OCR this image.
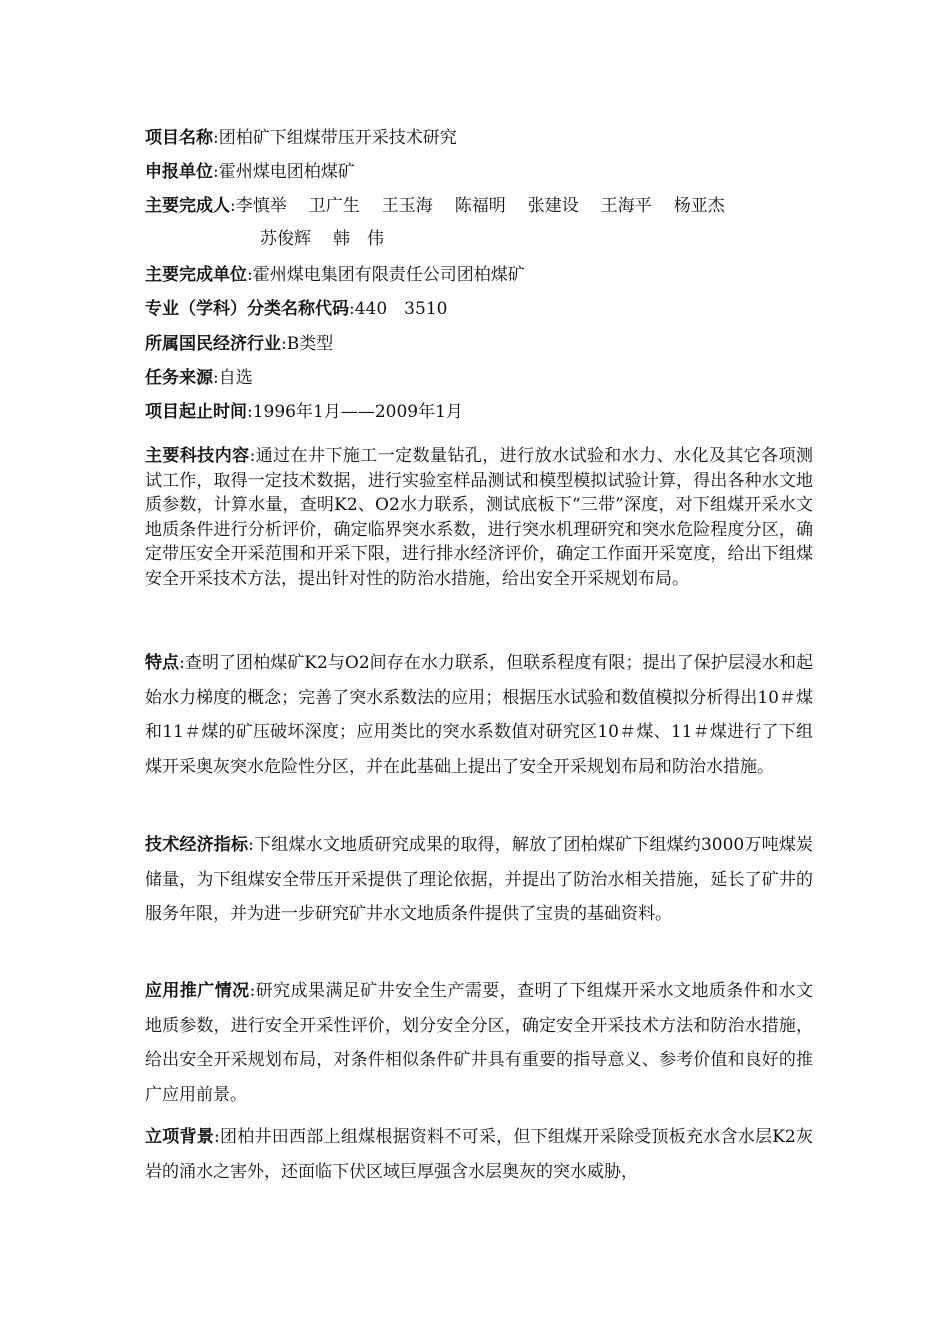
项目名称:团柏矿下组煤带压开采技术研究
申报单位:霍州煤电团柏煤矿
主要完成人:李慎举 卫广生 王玉海 陈福明 张建设 王海平 杨亚杰
苏俊辉 韩　伟
主要完成单位:霍州煤电集团有限责任公司团柏煤矿
专业（学科）分类名称代码:440　3510
所属国民经济行业:B类型
任务来源:自选
项目起止时间:1996年1月——2009年1月
主要科技内容:通过在井下施工一定数量钻孔，进行放水试验和水力、水化及其它各项测试工作，取得一定技术数据，进行实验室样品测试和模型模拟试验计算，得出各种水文地质参数，计算水量，查明K2、O2水力联系，测试底板下“三带”深度，对下组煤开采水文地质条件进行分析评价，确定临界突水系数，进行突水机理研究和突水危险程度分区，确定带压安全开采范围和开采下限，进行排水经济评价，确定工作面开采宽度，给出下组煤安全开采技术方法，提出针对性的防治水措施，给出安全开采规划布局。
特点:查明了团柏煤矿K2与O2间存在水力联系，但联系程度有限；提出了保护层浸水和起始水力梯度的概念；完善了突水系数法的应用；根据压水试验和数值模拟分析得出10＃煤和11＃煤的矿压破坏深度；应用类比的突水系数值对研究区10＃煤、11＃煤进行了下组煤开采奥灰突水危险性分区，并在此基础上提出了安全开采规划布局和防治水措施。
技术经济指标:下组煤水文地质研究成果的取得，解放了团柏煤矿下组煤约3000万吨煤炭储量，为下组煤安全带压开采提供了理论依据，并提出了防治水相关措施，延长了矿井的服务年限，并为进一步研究矿井水文地质条件提供了宝贵的基础资料。
应用推广情况:研究成果满足矿井安全生产需要，查明了下组煤开采水文地质条件和水文地质参数，进行安全开采性评价，划分安全分区，确定安全开采技术方法和防治水措施，给出安全开采规划布局，对条件相似条件矿井具有重要的指导意义、参考价值和良好的推广应用前景。
立项背景:团柏井田西部上组煤根据资料不可采，但下组煤开采除受顶板充水含水层K2灰岩的涌水之害外，还面临下伏区域巨厚强含水层奥灰的突水威胁，
